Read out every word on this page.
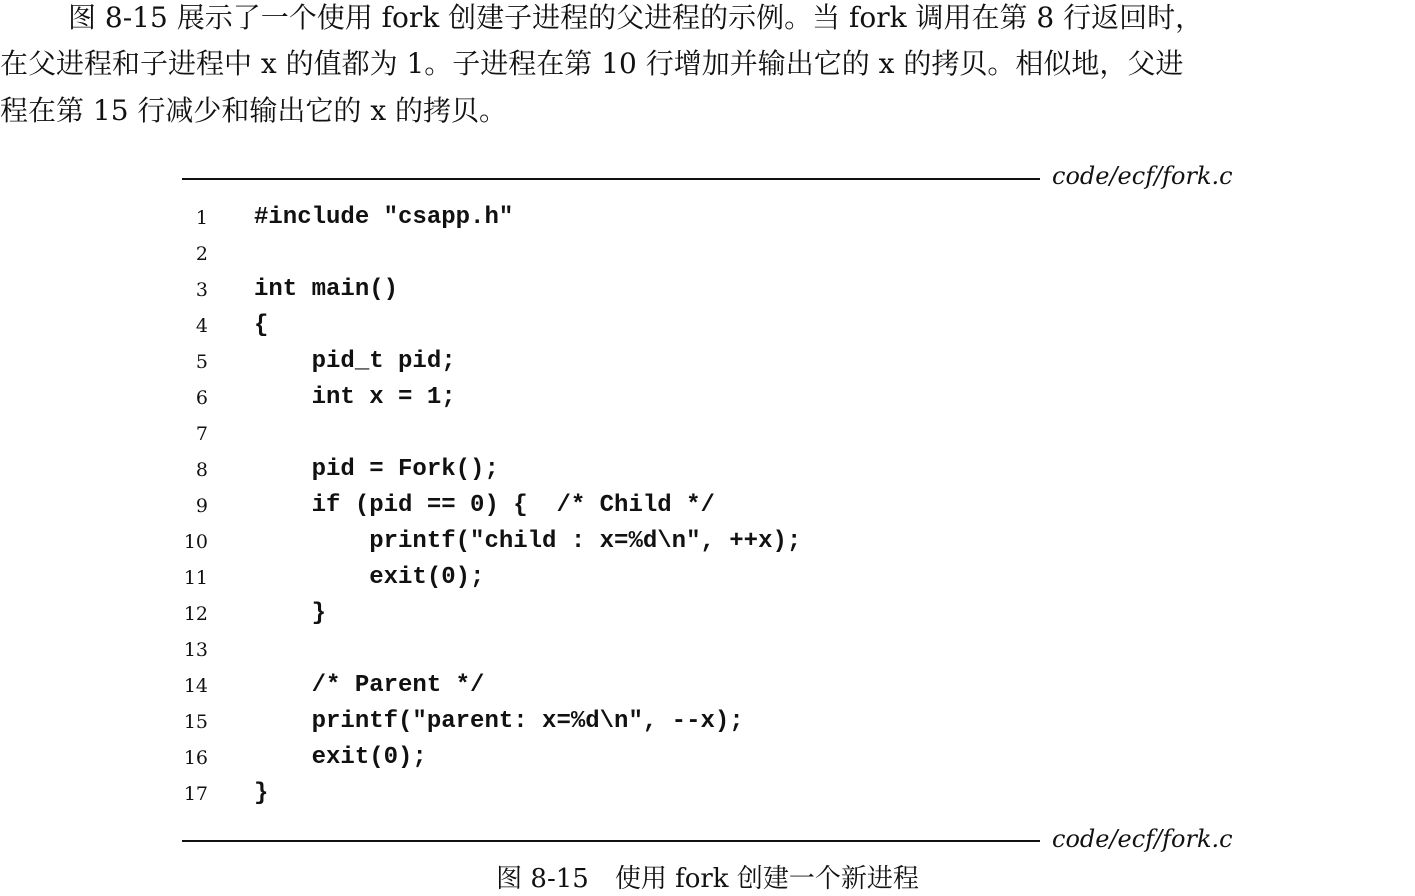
图 8-15 展示了一个使用 fork 创建子进程的父进程的示例。当 fork 调用在第 8 行返回时，
在父进程和子进程中 x 的值都为 1。子进程在第 10 行增加并输出它的 x 的拷贝。相似地，父进
程在第 15 行减少和输出它的 x 的拷贝。
code/ecf/fork.c
1 #include "csapp.h"
2
3 int main()
4 {
5 pid_t pid;
6 int x = 1;
7
8 pid = Fork();
9 if (pid == 0) {  /* Child */
10 printf("child : x=%d\n", ++x);
11 exit(0);
12 }
13
14 /* Parent */
15 printf("parent: x=%d\n", --x);
16 exit(0);
17 }
code/ecf/fork.c
图 8-15　使用 fork 创建一个新进程
